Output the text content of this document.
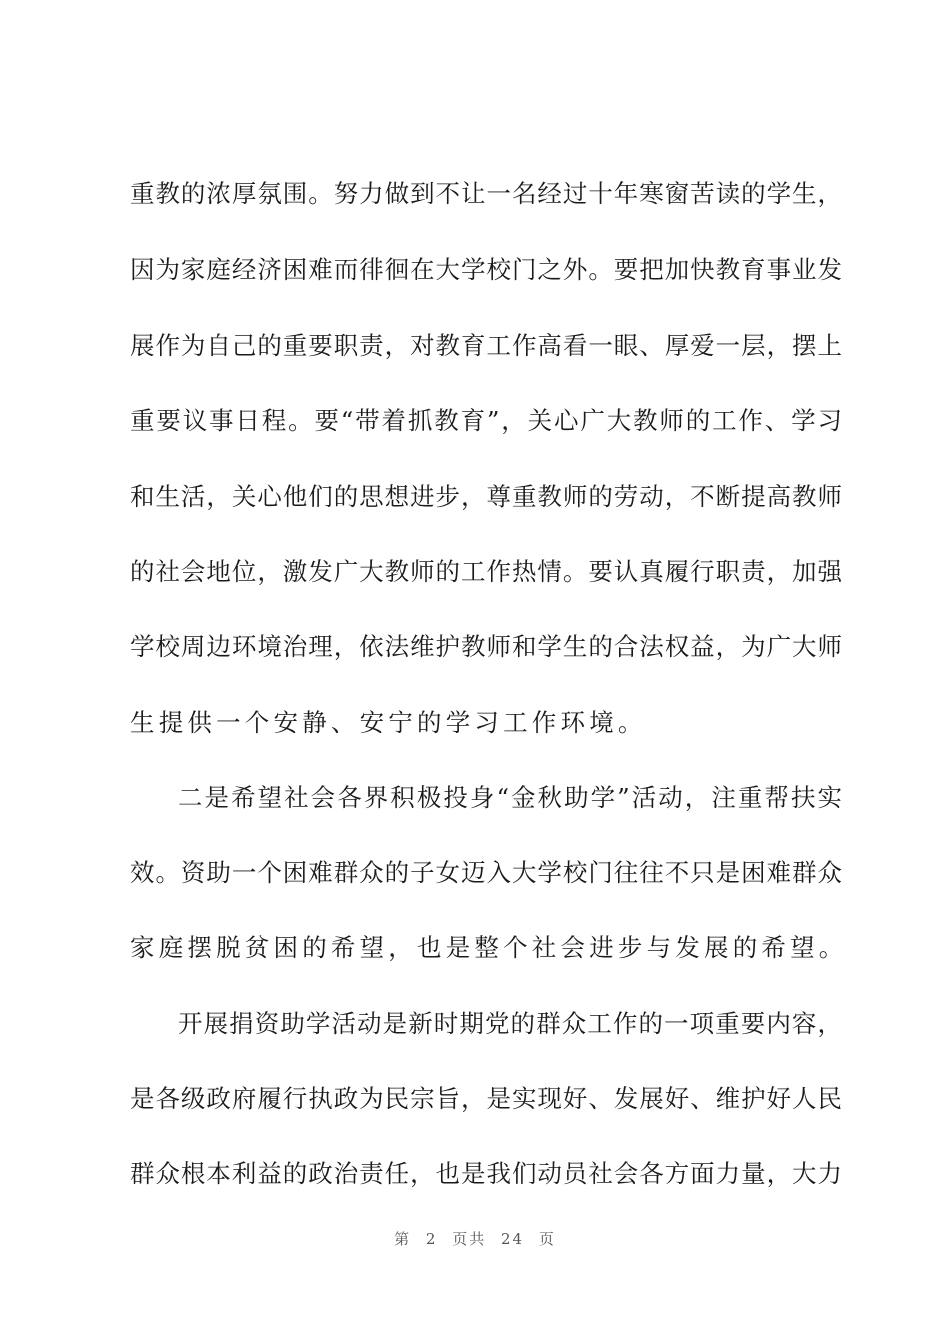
重教的浓厚氛围。努力做到不让一名经过十年寒窗苦读的学生，
因为家庭经济困难而徘徊在大学校门之外。要把加快教育事业发
展作为自己的重要职责，对教育工作高看一眼、厚爱一层，摆上
重要议事日程。要“带着抓教育”，关心广大教师的工作、学习
和生活，关心他们的思想进步，尊重教师的劳动，不断提高教师
的社会地位，激发广大教师的工作热情。要认真履行职责，加强
学校周边环境治理，依法维护教师和学生的合法权益，为广大师
生提供一个安静、安宁的学习工作环境。
二是希望社会各界积极投身“金秋助学”活动，注重帮扶实
效。资助一个困难群众的子女迈入大学校门往往不只是困难群众
家庭摆脱贫困的希望，也是整个社会进步与发展的希望。
开展捐资助学活动是新时期党的群众工作的一项重要内容，
是各级政府履行执政为民宗旨，是实现好、发展好、维护好人民
群众根本利益的政治责任，也是我们动员社会各方面力量，大力
第 2 页共 24 页
